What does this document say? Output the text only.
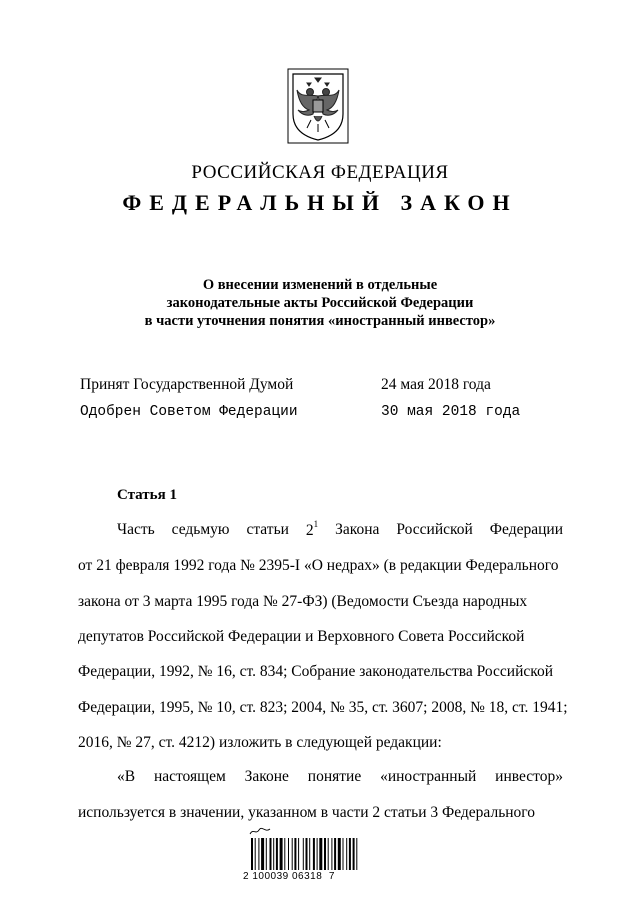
РОССИЙСКАЯ ФЕДЕРАЦИЯ
ФЕДЕРАЛЬНЫЙ ЗАКОН
О внесении изменений в отдельные
законодательные акты Российской Федерации
в части уточнения понятия «иностранный инвестор»
Принят Государственной Думой	24 мая 2018 года
Одобрен Советом Федерации	30 мая 2018 года
Статья 1
Часть седьмую статьи $2^1$ Закона Российской Федерации
от 21 февраля 1992 года № 2395-I «О недрах» (в редакции Федерального
закона от 3 марта 1995 года № 27-ФЗ) (Ведомости Съезда народных
депутатов Российской Федерации и Верховного Совета Российской
Федерации, 1992, № 16, ст. 834; Собрание законодательства Российской
Федерации, 1995, № 10, ст. 823; 2004, № 35, ст. 3607; 2008, № 18, ст. 1941;
2016, № 27, ст. 4212) изложить в следующей редакции:
«В настоящем Законе понятие «иностранный инвестор»
используется в значении, указанном в части 2 статьи 3 Федерального
2 100039 06318  7
